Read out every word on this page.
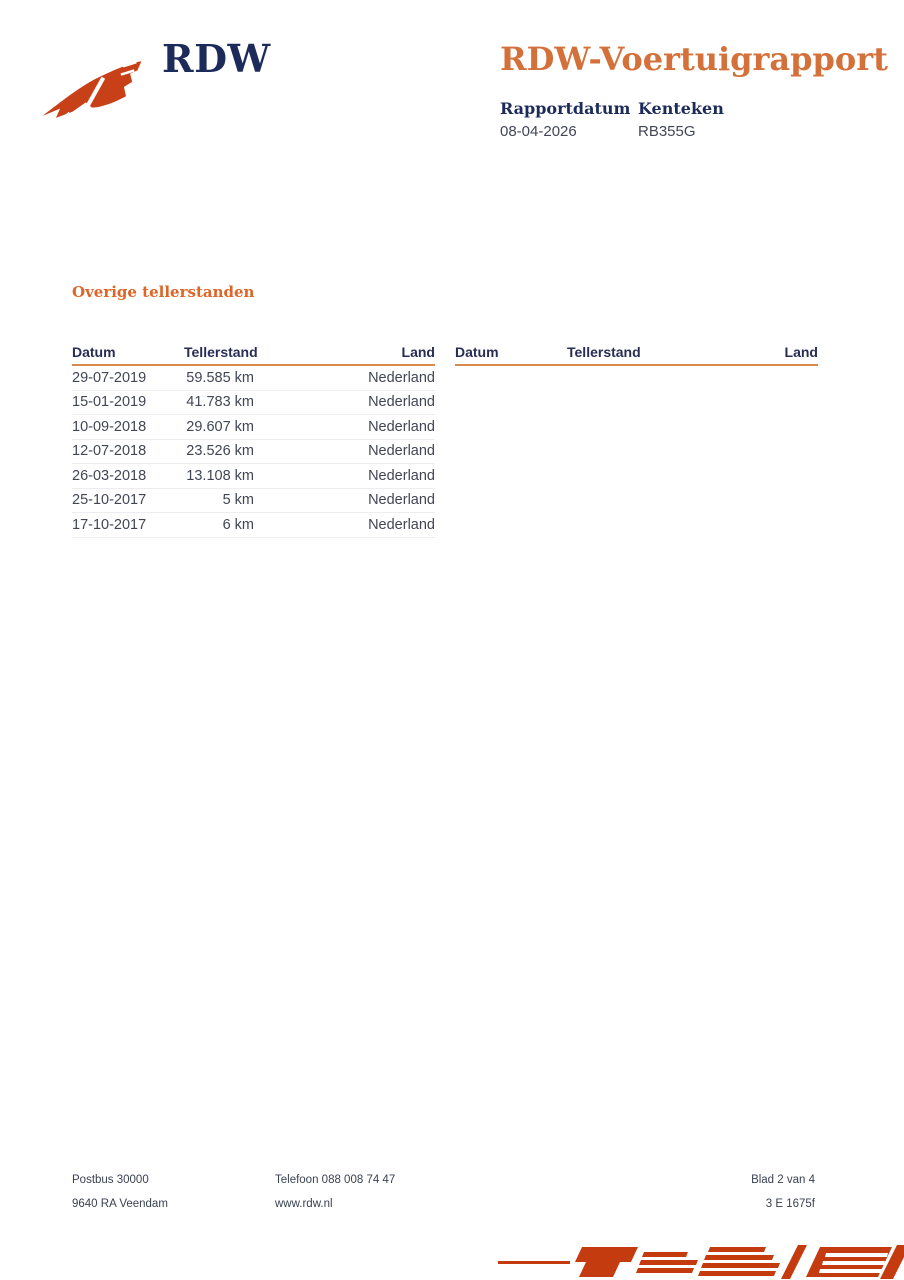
RDW	RDW-Voertuigrapport
Rapportdatum
08-04-2026
Kenteken
RB355G
Overige tellerstanden
Datum	Tellerstand	Land
29-07-2019	59.585 km	Nederland
15-01-2019	41.783 km	Nederland
10-09-2018	29.607 km	Nederland
12-07-2018	23.526 km	Nederland
26-03-2018	13.108 km	Nederland
25-10-2017	5 km	Nederland
17-10-2017	6 km	Nederland
Datum	Tellerstand	Land
Postbus 30000
9640 RA Veendam
Telefoon 088 008 74 47
www.rdw.nl
Blad 2 van 4
3 E 1675f
